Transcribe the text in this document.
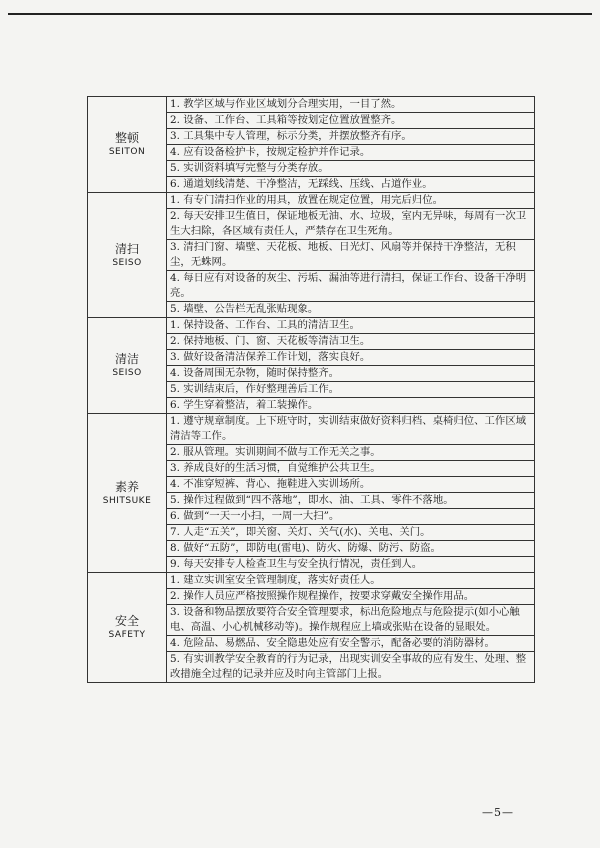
整顿
SEITON	1. 教学区域与作业区域划分合理实用，一目了然。
	2. 设备、工作台、工具箱等按划定位置放置整齐。
	3. 工具集中专人管理，标示分类，并摆放整齐有序。
	4. 应有设备检护卡，按规定检护并作记录。
	5. 实训资料填写完整与分类存放。
	6. 通道划线清楚、干净整洁，无踩线、压线、占道作业。

清扫
SEISO	1. 有专门清扫作业的用具，放置在规定位置，用完后归位。
	2. 每天安排卫生值日，保证地板无油、水、垃圾，室内无异味，每周有一次卫生大扫除，各区域有责任人，严禁存在卫生死角。
	3. 清扫门窗、墙壁、天花板、地板、日光灯、风扇等并保持干净整洁，无积尘，无蛛网。
	4. 每日应有对设备的灰尘、污垢、漏油等进行清扫，保证工作台、设备干净明亮。
	5. 墙壁、公告栏无乱张贴现象。

清洁
SEISO	1. 保持设备、工作台、工具的清洁卫生。
	2. 保持地板、门、窗、天花板等清洁卫生。
	3. 做好设备清洁保养工作计划，落实良好。
	4. 设备周围无杂物，随时保持整齐。
	5. 实训结束后，作好整理善后工作。
	6. 学生穿着整洁，着工装操作。

素养
SHITSUKE	1. 遵守规章制度。上下班守时，实训结束做好资料归档、桌椅归位、工作区域清洁等工作。
	2. 服从管理。实训期间不做与工作无关之事。
	3. 养成良好的生活习惯，自觉维护公共卫生。
	4. 不准穿短裤、背心、拖鞋进入实训场所。
	5. 操作过程做到“四不落地”，即水、油、工具、零件不落地。
	6. 做到“一天一小扫，一周一大扫”。
	7. 人走“五关”，即关窗、关灯、关气(水)、关电、关门。
	8. 做好“五防”，即防电(雷电)、防火、防爆、防污、防盗。
	9. 每天安排专人检查卫生与安全执行情况，责任到人。

安全
SAFETY	1. 建立实训室安全管理制度，落实好责任人。
	2. 操作人员应严格按照操作规程操作，按要求穿戴安全操作用品。
	3. 设备和物品摆放要符合安全管理要求，标出危险地点与危险提示(如小心触电、高温、小心机械移动等)。操作规程应上墙或张贴在设备的显眼处。
	4. 危险品、易燃品、安全隐患处应有安全警示，配备必要的消防器材。
	5. 有实训教学安全教育的行为记录，出现实训安全事故的应有发生、处理、整改措施全过程的记录并应及时向主管部门上报。
—5—
